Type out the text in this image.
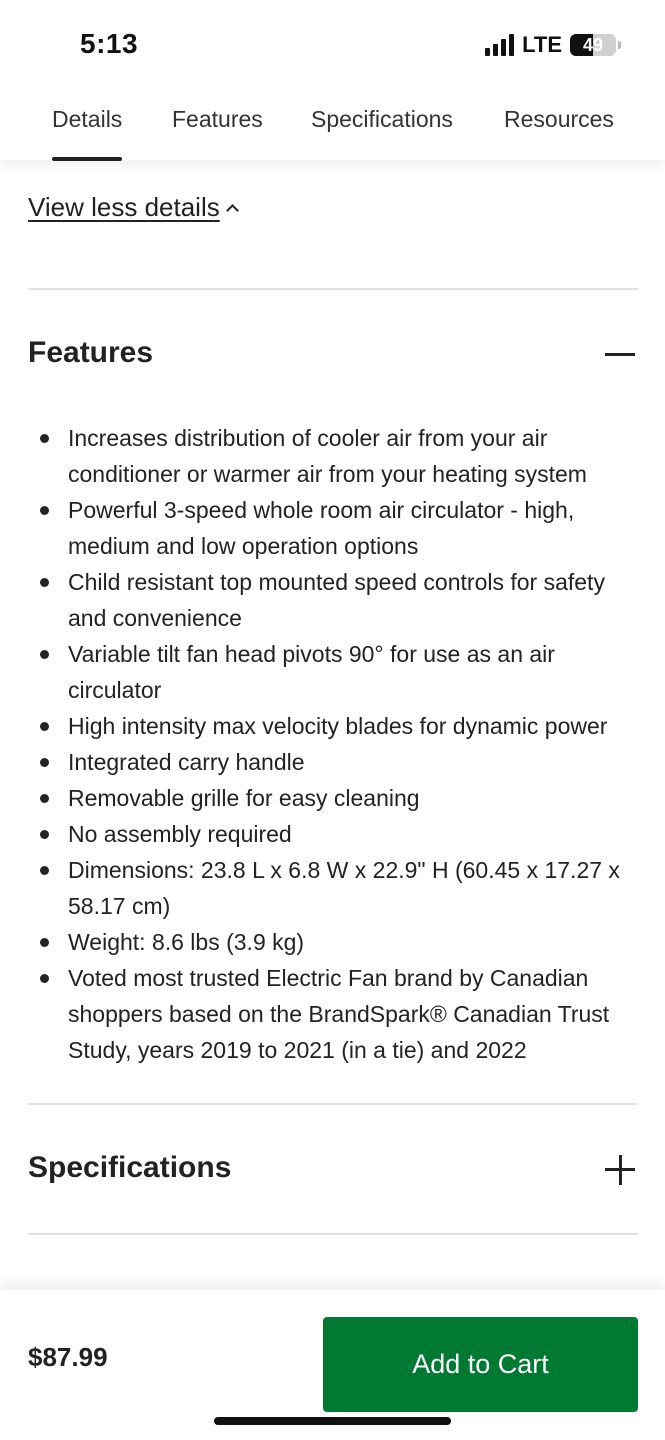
5:13	LTE	49
Details Features Specifications Resources
View less details
Features
Increases distribution of cooler air from your air conditioner or warmer air from your heating system
Powerful 3-speed whole room air circulator - high, medium and low operation options
Child resistant top mounted speed controls for safety and convenience
Variable tilt fan head pivots 90° for use as an air circulator
High intensity max velocity blades for dynamic power
Integrated carry handle
Removable grille for easy cleaning
No assembly required
Dimensions: 23.8 L x 6.8 W x 22.9" H (60.45 x 17.27 x 58.17 cm)
Weight: 8.6 lbs (3.9 kg)
Voted most trusted Electric Fan brand by Canadian shoppers based on the BrandSpark® Canadian Trust Study, years 2019 to 2021 (in a tie) and 2022
Specifications
$87.99	Add to Cart
